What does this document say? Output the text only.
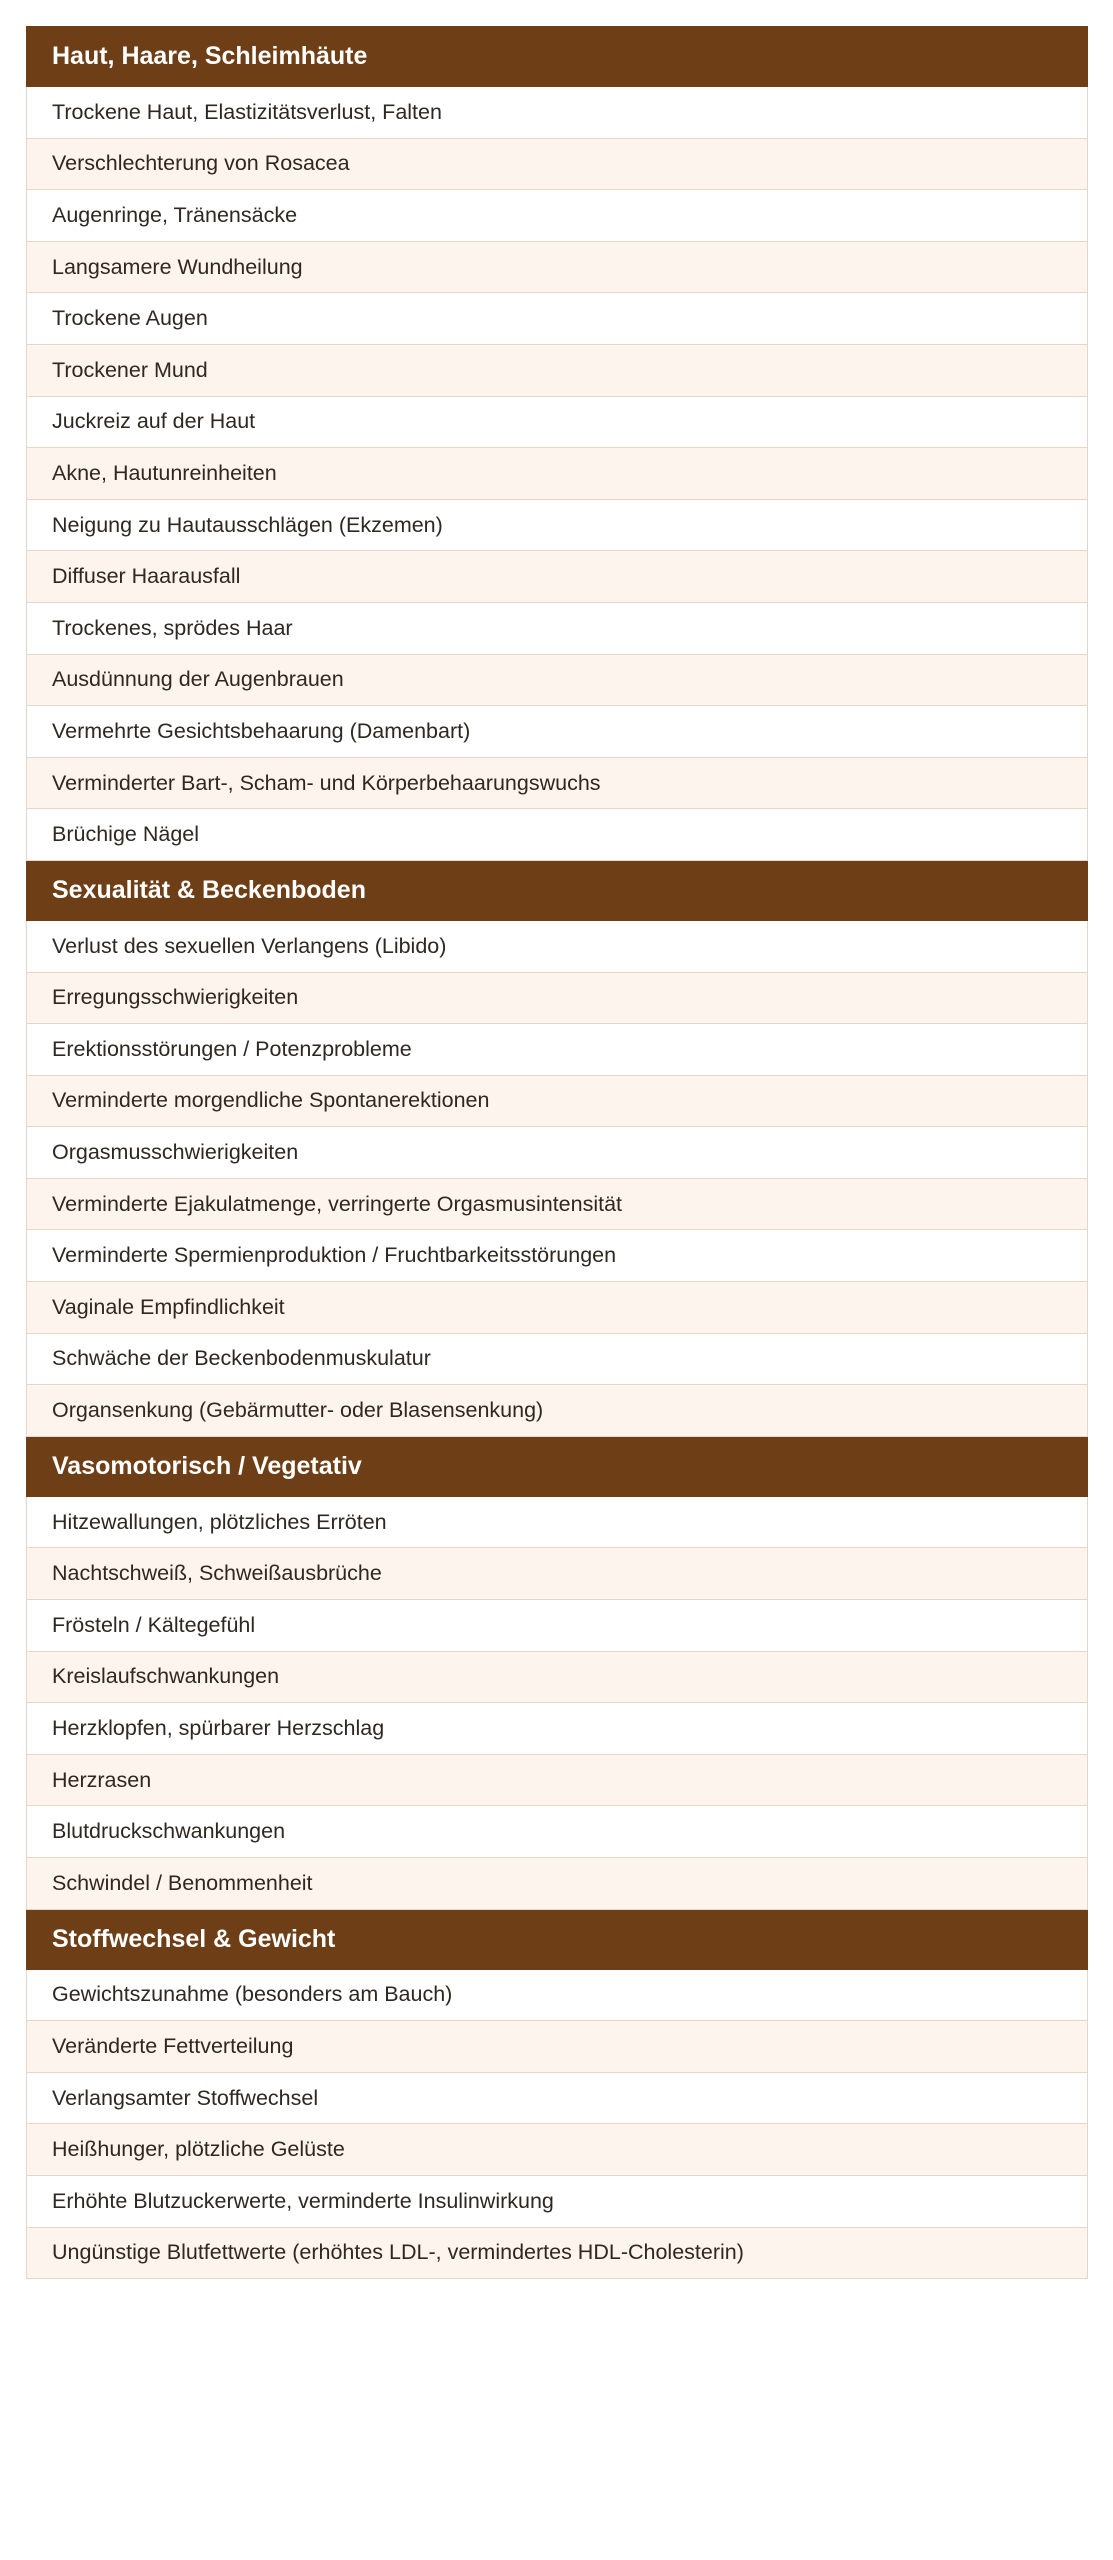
Haut, Haare, Schleimhäute
Trockene Haut, Elastizitätsverlust, Falten
Verschlechterung von Rosacea
Augenringe, Tränensäcke
Langsamere Wundheilung
Trockene Augen
Trockener Mund
Juckreiz auf der Haut
Akne, Hautunreinheiten
Neigung zu Hautausschlägen (Ekzemen)
Diffuser Haarausfall
Trockenes, sprödes Haar
Ausdünnung der Augenbrauen
Vermehrte Gesichtsbehaarung (Damenbart)
Verminderter Bart-, Scham- und Körperbehaarungswuchs
Brüchige Nägel
Sexualität & Beckenboden
Verlust des sexuellen Verlangens (Libido)
Erregungsschwierigkeiten
Erektionsstörungen / Potenzprobleme
Verminderte morgendliche Spontanerektionen
Orgasmusschwierigkeiten
Verminderte Ejakulatmenge, verringerte Orgasmusintensität
Verminderte Spermienproduktion / Fruchtbarkeitsstörungen
Vaginale Empfindlichkeit
Schwäche der Beckenbodenmuskulatur
Organsenkung (Gebärmutter- oder Blasensenkung)
Vasomotorisch / Vegetativ
Hitzewallungen, plötzliches Erröten
Nachtschweiß, Schweißausbrüche
Frösteln / Kältegefühl
Kreislaufschwankungen
Herzklopfen, spürbarer Herzschlag
Herzrasen
Blutdruckschwankungen
Schwindel / Benommenheit
Stoffwechsel & Gewicht
Gewichtszunahme (besonders am Bauch)
Veränderte Fettverteilung
Verlangsamter Stoffwechsel
Heißhunger, plötzliche Gelüste
Erhöhte Blutzuckerwerte, verminderte Insulinwirkung
Ungünstige Blutfettwerte (erhöhtes LDL-, vermindertes HDL-Cholesterin)
